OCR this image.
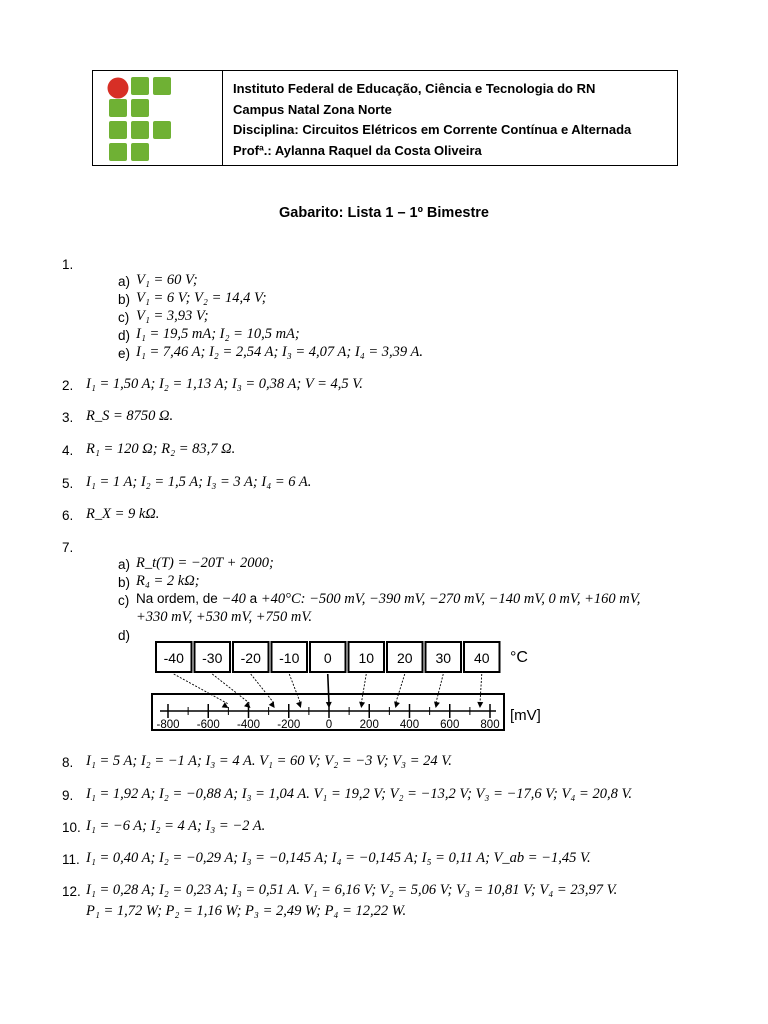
Instituto Federal de Educação, Ciência e Tecnologia do RN
Campus Natal Zona Norte
Disciplina: Circuitos Elétricos em Corrente Contínua e Alternada
Profª.: Aylanna Raquel da Costa Oliveira
Gabarito: Lista 1 – 1º Bimestre
1.
a) V₁ = 60 V;
b) V₁ = 6 V; V₂ = 14,4 V;
c) V₁ = 3,93 V;
d) I₁ = 19,5 mA; I₂ = 10,5 mA;
e) I₁ = 7,46 A; I₂ = 2,54 A; I₃ = 4,07 A; I₄ = 3,39 A.
2. I₁ = 1,50 A; I₂ = 1,13 A; I₃ = 0,38 A; V = 4,5 V.
3. R_S = 8750 Ω.
4. R₁ = 120 Ω; R₂ = 83,7 Ω.
5. I₁ = 1 A; I₂ = 1,5 A; I₃ = 3 A; I₄ = 6 A.
6. R_X = 9 kΩ.
7.
a) R_t(T) = −20T + 2000;
b) R₄ = 2 kΩ;
c) Na ordem, de −40 a +40°C: −500 mV, −390 mV, −270 mV, −140 mV, 0 mV, +160 mV,
+330 mV, +530 mV, +750 mV.
d)
-40 -30 -20 -10 0 10 20 30 40 °C
-800 -600 -400 -200 0 200 400 600 800
[mV]
8. I₁ = 5 A; I₂ = −1 A; I₃ = 4 A. V₁ = 60 V; V₂ = −3 V; V₃ = 24 V.
9. I₁ = 1,92 A; I₂ = −0,88 A; I₃ = 1,04 A. V₁ = 19,2 V; V₂ = −13,2 V; V₃ = −17,6 V; V₄ = 20,8 V.
10. I₁ = −6 A; I₂ = 4 A; I₃ = −2 A.
11. I₁ = 0,40 A; I₂ = −0,29 A; I₃ = −0,145 A; I₄ = −0,145 A; I₅ = 0,11 A; V_ab = −1,45 V.
12. I₁ = 0,28 A; I₂ = 0,23 A; I₃ = 0,51 A. V₁ = 6,16 V; V₂ = 5,06 V; V₃ = 10,81 V; V₄ = 23,97 V.
P₁ = 1,72 W; P₂ = 1,16 W; P₃ = 2,49 W; P₄ = 12,22 W.
